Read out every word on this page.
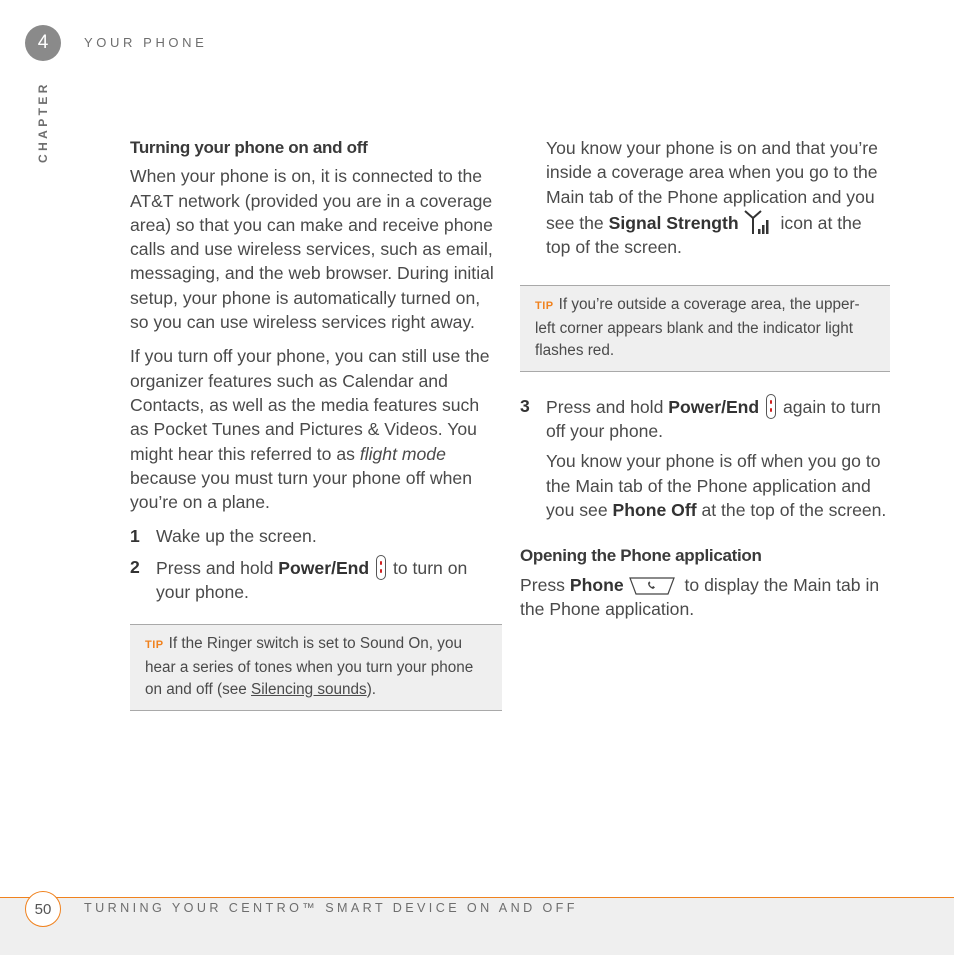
4	YOUR PHONE
CHAPTER	Turning your phone on and off

When your phone is on, it is connected to the AT&T network (provided you are in a coverage area) so that you can make and receive phone calls and use wireless services, such as email, messaging, and the web browser. During initial setup, your phone is automatically turned on, so you can use wireless services right away.

If you turn off your phone, you can still use the organizer features such as Calendar and Contacts, as well as the media features such as Pocket Tunes and Pictures & Videos. You might hear this referred to as flight mode because you must turn your phone off when you’re on a plane.

1 Wake up the screen.
2 Press and hold Power/End
to turn on your phone.
TIP If the Ringer switch is set to Sound On, you hear a series of tones when you turn your phone on and off (see Silencing sounds).

You know your phone is on and that you’re inside a coverage area when you go to the Main tab of the Phone application and you see the Signal Strength icon at the top of the screen.

TIP If you’re outside a coverage area, the upper-left corner appears blank and the indicator light flashes red.
3 Press and hold Power/End
again to turn off your phone.

You know your phone is off when you go to the Main tab of the Phone application and you see Phone Off at the top of the screen.

Opening the Phone application

Press Phone	to display the Main tab in the Phone application.

50	TURNING YOUR CENTRO™ SMART DEVICE ON AND OFF
